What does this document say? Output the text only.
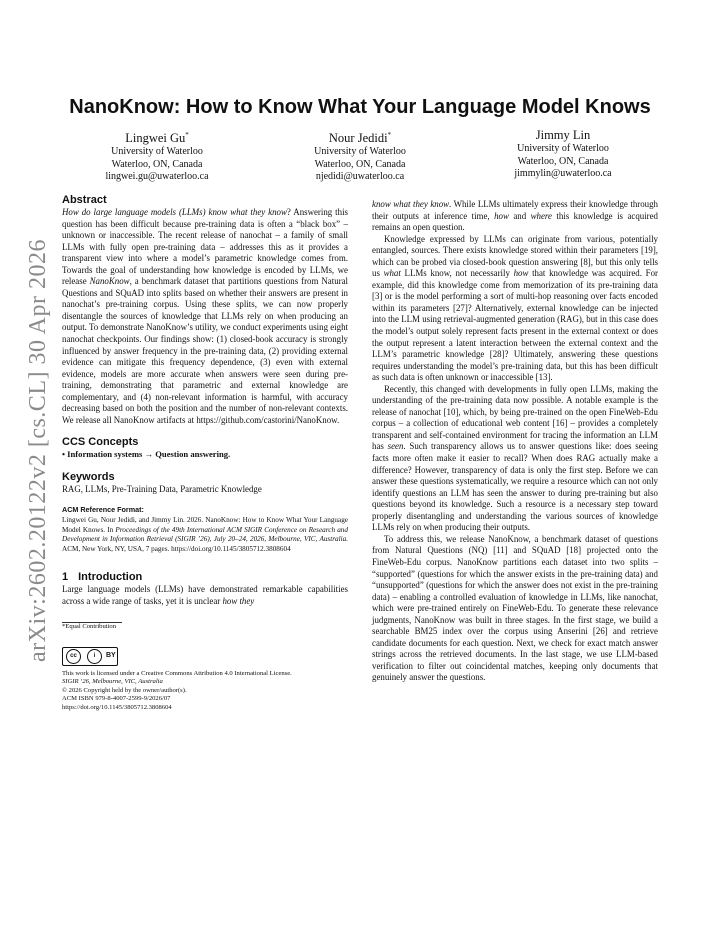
arXiv:2602.20122v2 [cs.CL] 30 Apr 2026
NanoKnow: How to Know What Your Language Model Knows
Lingwei Gu*
University of Waterloo
Waterloo, ON, Canada
lingwei.gu@uwaterloo.ca
Nour Jedidi*
University of Waterloo
Waterloo, ON, Canada
njedidi@uwaterloo.ca
Jimmy Lin
University of Waterloo
Waterloo, ON, Canada
jimmylin@uwaterloo.ca
Abstract

How do large language models (LLMs) know what they know? Answering this question has been difficult because pre-training data is often a “black box” – unknown or inaccessible. The recent release of nanochat – a family of small LLMs with fully open pre-training data – addresses this as it provides a transparent view into where a model’s parametric knowledge comes from. Towards the goal of understanding how knowledge is encoded by LLMs, we release NanoKnow, a benchmark dataset that partitions questions from Natural Questions and SQuAD into splits based on whether their answers are present in nanochat’s pre-training corpus. Using these splits, we can now properly disentangle the sources of knowledge that LLMs rely on when producing an output. To demonstrate NanoKnow’s utility, we conduct experiments using eight nanochat checkpoints. Our findings show: (1) closed-book accuracy is strongly influenced by answer frequency in the pre-training data, (2) providing external evidence can mitigate this frequency dependence, (3) even with external evidence, models are more accurate when answers were seen during pre-training, demonstrating that parametric and external knowledge are complementary, and (4) non-relevant information is harmful, with accuracy decreasing based on both the position and the number of non-relevant contexts. We release all NanoKnow artifacts at https://github.com/castorini/NanoKnow.

CCS Concepts

• Information systems → Question answering.

Keywords

RAG, LLMs, Pre-Training Data, Parametric Knowledge

ACM Reference Format:

Lingwei Gu, Nour Jedidi, and Jimmy Lin. 2026. NanoKnow: How to Know What Your Language Model Knows. In Proceedings of the 49th International ACM SIGIR Conference on Research and Development in Information Retrieval (SIGIR ’26), July 20–24, 2026, Melbourne, VIC, Australia. ACM, New York, NY, USA, 7 pages. https://doi.org/10.1145/3805712.3808604

1 Introduction

Large language models (LLMs) have demonstrated remarkable capabilities across a wide range of tasks, yet it is unclear how they

*Equal Contribution

cc	i	BY
This work is licensed under a Creative Commons Attribution 4.0 International License.
SIGIR ’26, Melbourne, VIC, Australia
© 2026 Copyright held by the owner/author(s).
ACM ISBN 979-8-4007-2599-9/2026/07
https://doi.org/10.1145/3805712.3808604

know what they know. While LLMs ultimately express their knowledge through their outputs at inference time, how and where this knowledge is acquired remains an open question.

Knowledge expressed by LLMs can originate from various, potentially entangled, sources. There exists knowledge stored within their parameters [19], which can be probed via closed-book question answering [8], but this only tells us what LLMs know, not necessarily how that knowledge was acquired. For example, did this knowledge come from memorization of its pre-training data [3] or is the model performing a sort of multi-hop reasoning over facts encoded within its parameters [27]? Alternatively, external knowledge can be injected into the LLM using retrieval-augmented generation (RAG), but in this case does the model’s output solely represent facts present in the external context or does the output represent a latent interaction between the external context and the LLM’s parametric knowledge [28]? Ultimately, answering these questions requires understanding the model’s pre-training data, but this has been difficult as such data is often unknown or inaccessible [13].

Recently, this changed with developments in fully open LLMs, making the understanding of the pre-training data now possible. A notable example is the release of nanochat [10], which, by being pre-trained on the open FineWeb-Edu corpus – a collection of educational web content [16] – provides a completely transparent and self-contained environment for tracing the information an LLM has seen. Such transparency allows us to answer questions like: does seeing facts more often make it easier to recall? When does RAG actually make a difference? However, transparency of data is only the first step. Before we can answer these questions systematically, we require a resource which can not only identify questions an LLM has seen the answer to during pre-training but also questions beyond its knowledge. Such a resource is a necessary step toward properly disentangling and understanding the various sources of knowledge LLMs rely on when producing their outputs.

To address this, we release NanoKnow, a benchmark dataset of questions from Natural Questions (NQ) [11] and SQuAD [18] projected onto the FineWeb-Edu corpus. NanoKnow partitions each dataset into two splits – “supported” (questions for which the answer exists in the pre-training data) and “unsupported” (questions for which the answer does not exist in the pre-training data) – enabling a controlled evaluation of knowledge in LLMs, like nanochat, which were pre-trained entirely on FineWeb-Edu. To generate these relevance judgments, NanoKnow was built in three stages. In the first stage, we build a searchable BM25 index over the corpus using Anserini [26] and retrieve candidate documents for each question. Next, we check for exact match answer strings across the retrieved documents. In the last stage, we use LLM-based verification to filter out coincidental matches, keeping only documents that genuinely answer the questions.
